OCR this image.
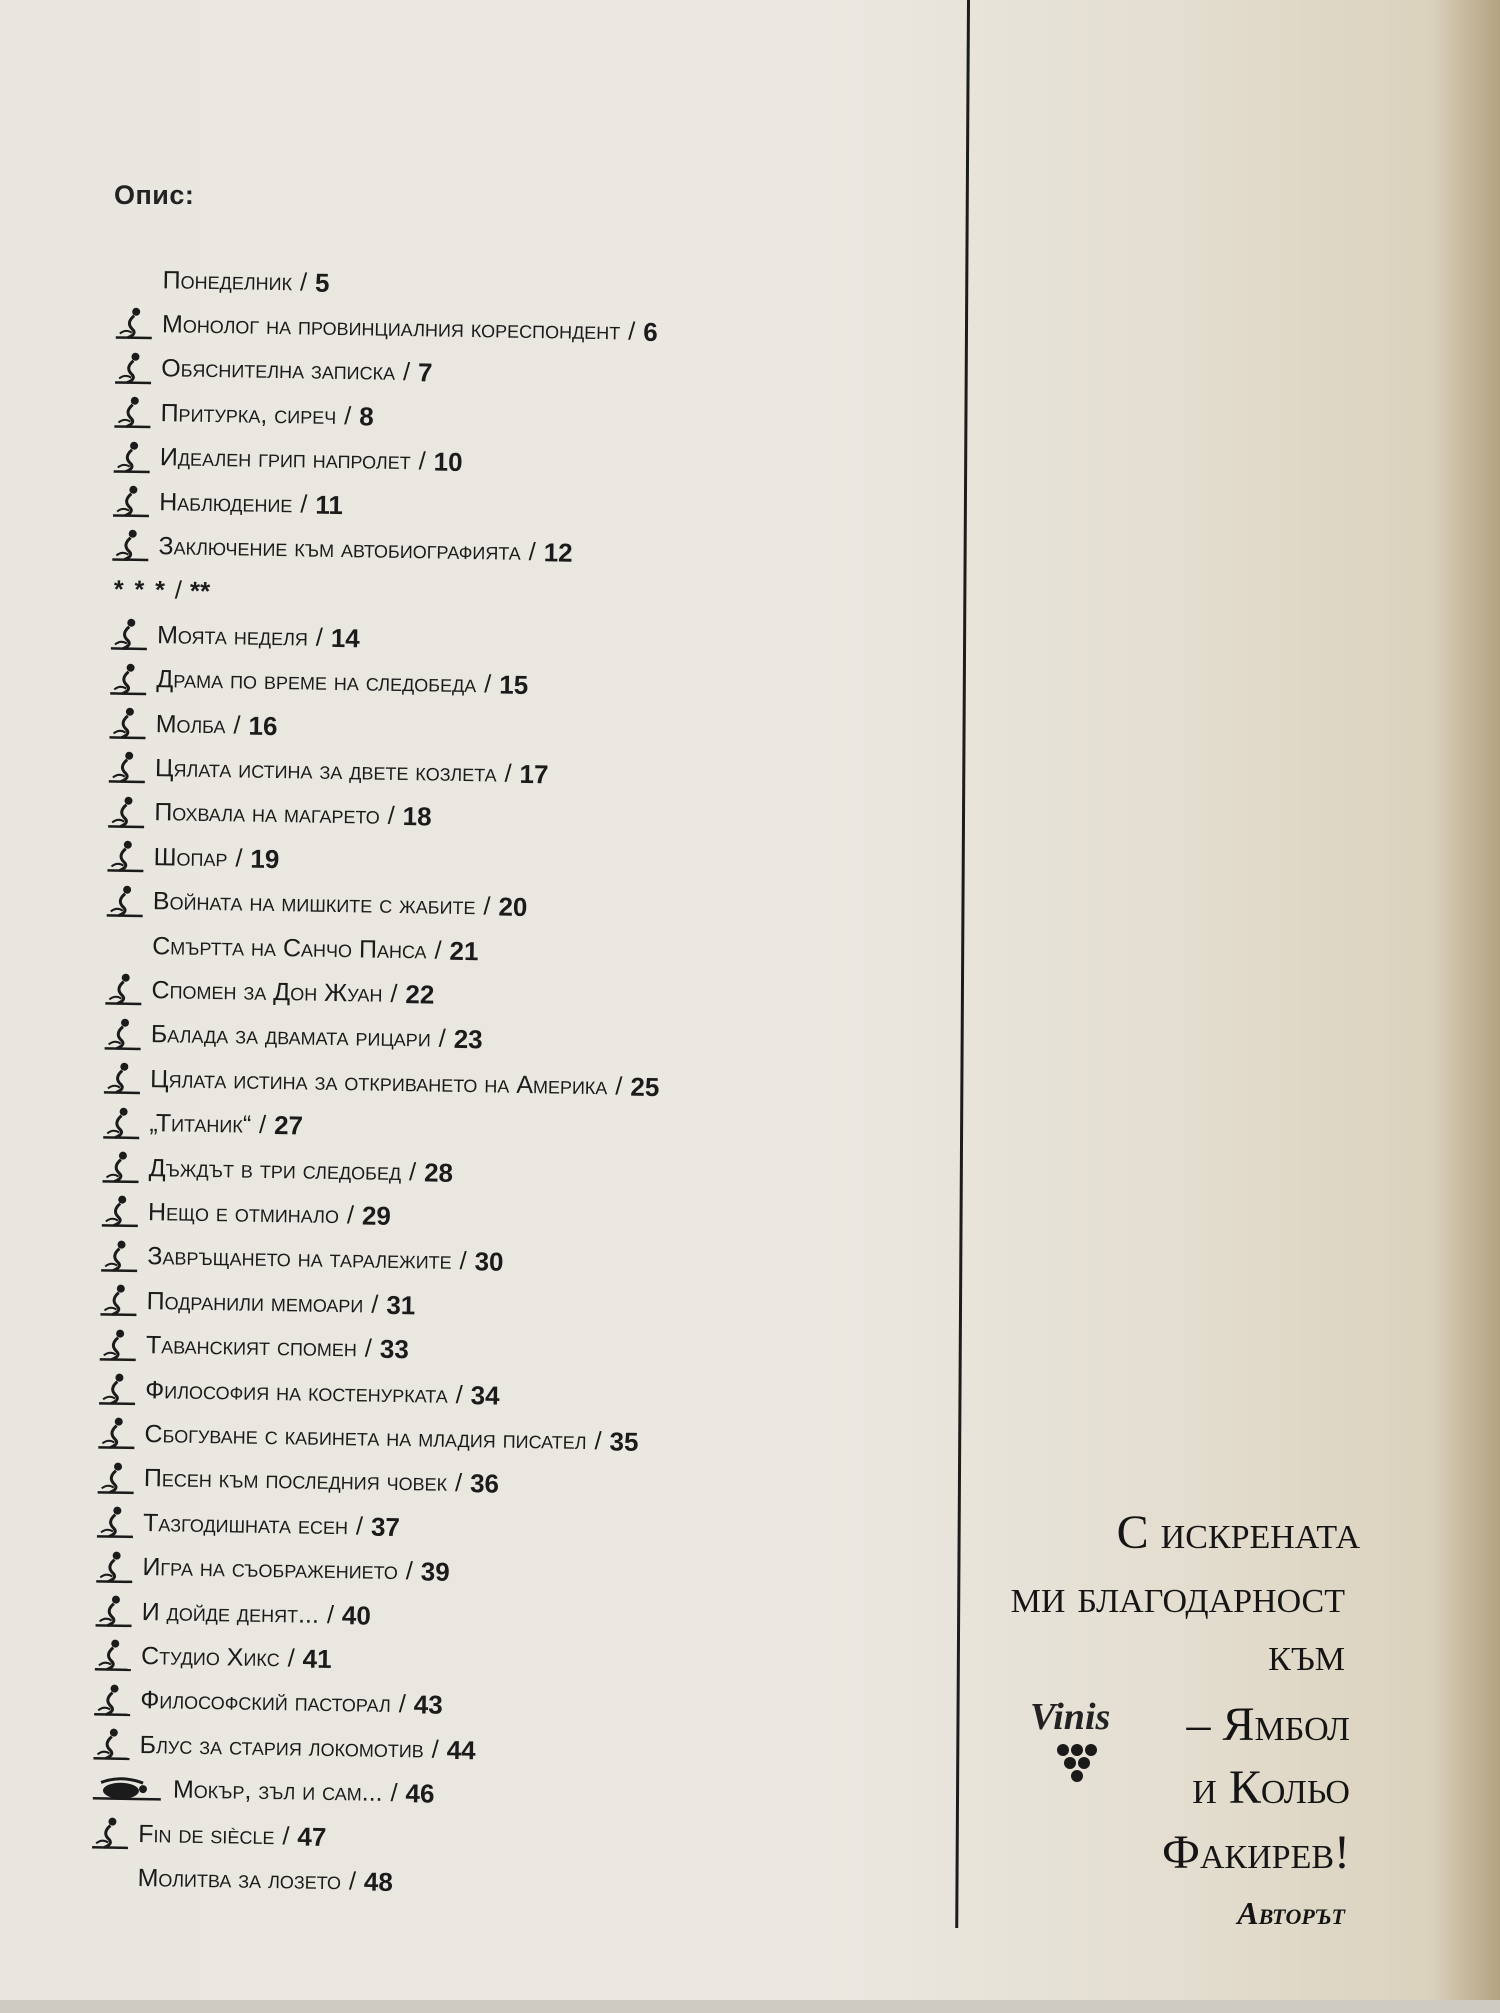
Опис:
Понеделник / 5
Монолог на провинциалния кореспондент / 6
Обяснителна записка / 7
Притурка, сиреч / 8
Идеален грип напролет / 10
Наблюдение / 11
Заключение към автобиографията / 12
* * * / **
Моята неделя / 14
Драма по време на следобеда / 15
Молба / 16
Цялата истина за двете козлета / 17
Похвала на магарето / 18
Шопар / 19
Войната на мишките с жабите / 20
Смъртта на Санчо Панса / 21
Спомен за Дон Жуан / 22
Балада за двамата рицари / 23
Цялата истина за откриването на Америка / 25
„Титаник“ / 27
Дъждът в три следобед / 28
Нещо е отминало / 29
Завръщането на таралежите / 30
Подранили мемоари / 31
Таванският спомен / 33
Философия на костенурката / 34
Сбогуване с кабинета на младия писател / 35
Песен към последния човек / 36
Тазгодишната есен / 37
Игра на съображението / 39
И дойде денят... / 40
Студио Хикс / 41
Философский пасторал / 43
Блус за стария локомотив / 44
Мокър, зъл и сам... / 46
Fin de siècle / 47
Молитва за лозето / 48
С искрената
ми благодарност
към
Vinis – Ямбол
и Кольо
Факирев!
Авторът
